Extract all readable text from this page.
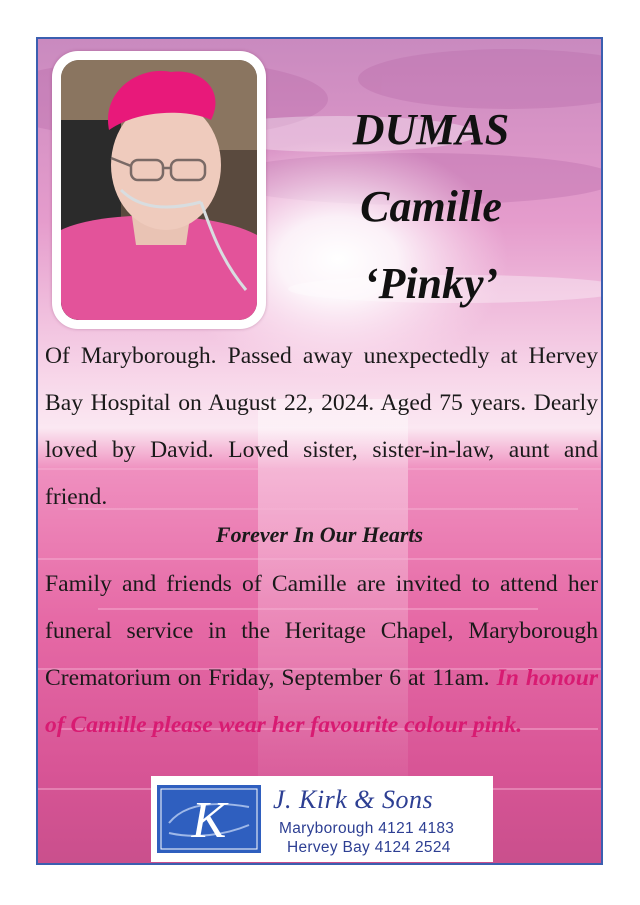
DUMAS
Camille
‘Pinky’
Of Maryborough. Passed away unexpectedly at Hervey Bay Hospital on August 22, 2024. Aged 75 years. Dearly loved by David. Loved sister, sister-in-law, aunt and friend.
Forever In Our Hearts
Family and friends of Camille are invited to attend her funeral service in the Heritage Chapel, Maryborough Crematorium on Friday, September 6 at 11am. In honour of Camille please wear her favourite colour pink.
K J. Kirk & Sons
Maryborough 4121 4183
Hervey Bay 4124 2524
